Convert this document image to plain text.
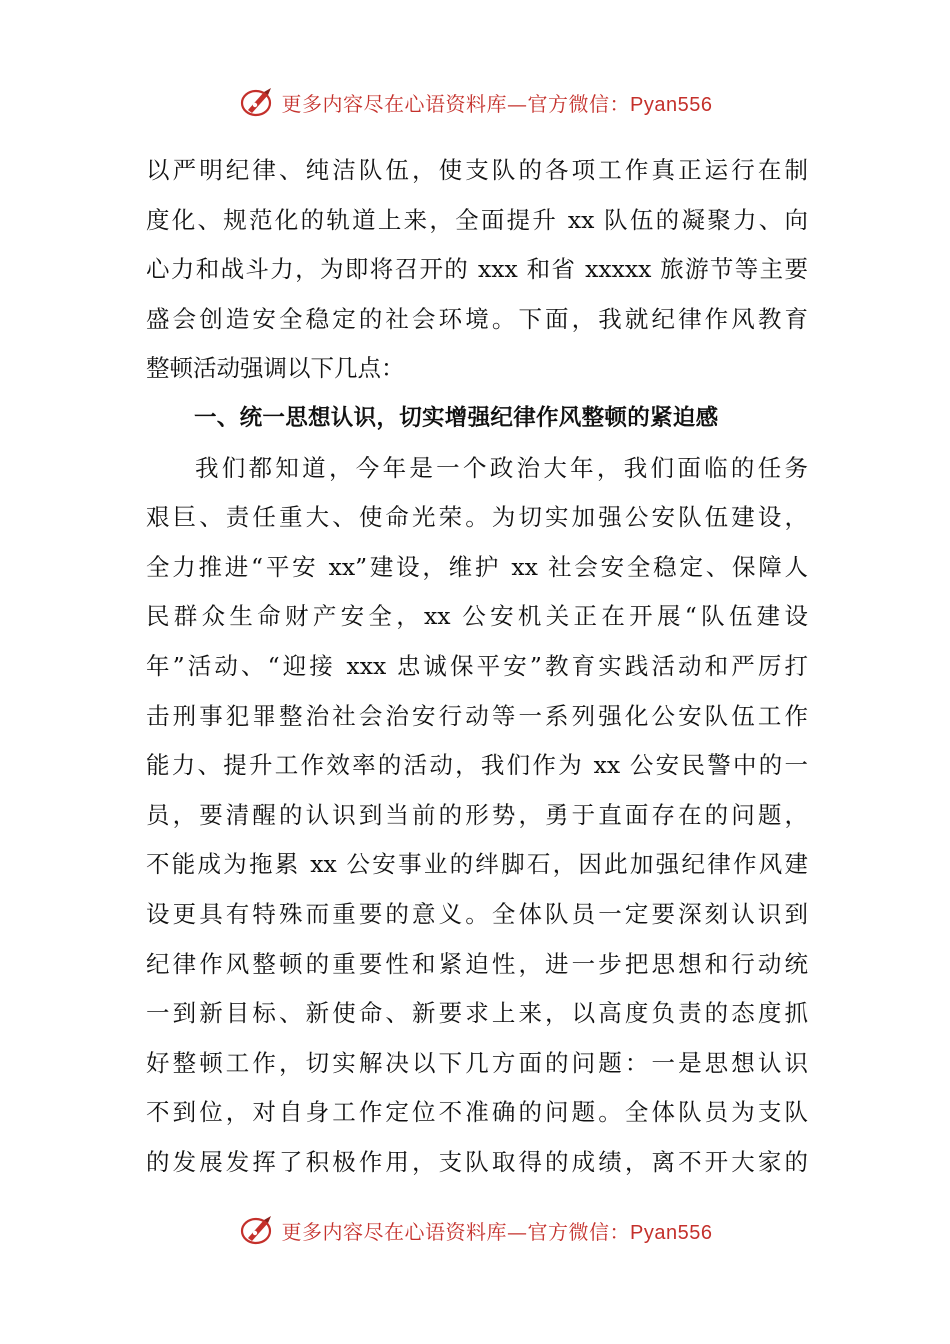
更多内容尽在心语资料库—官方微信：Pyan556
以严明纪律、纯洁队伍，使支队的各项工作真正运行在制
度化、规范化的轨道上来，全面提升 xx 队伍的凝聚力、向
心力和战斗力，为即将召开的 xxx 和省 xxxxx 旅游节等主要
盛会创造安全稳定的社会环境。下面，我就纪律作风教育
整顿活动强调以下几点：
一、统一思想认识，切实增强纪律作风整顿的紧迫感
我们都知道，今年是一个政治大年，我们面临的任务
艰巨、责任重大、使命光荣。为切实加强公安队伍建设，
全力推进“平安 xx”建设，维护 xx 社会安全稳定、保障人
民群众生命财产安全，xx 公安机关正在开展“队伍建设
年”活动、“迎接 xxx 忠诚保平安”教育实践活动和严厉打
击刑事犯罪整治社会治安行动等一系列强化公安队伍工作
能力、提升工作效率的活动，我们作为 xx 公安民警中的一
员，要清醒的认识到当前的形势，勇于直面存在的问题，
不能成为拖累 xx 公安事业的绊脚石，因此加强纪律作风建
设更具有特殊而重要的意义。全体队员一定要深刻认识到
纪律作风整顿的重要性和紧迫性，进一步把思想和行动统
一到新目标、新使命、新要求上来，以高度负责的态度抓
好整顿工作，切实解决以下几方面的问题：一是思想认识
不到位，对自身工作定位不准确的问题。全体队员为支队
的发展发挥了积极作用，支队取得的成绩，离不开大家的
更多内容尽在心语资料库—官方微信：Pyan556
